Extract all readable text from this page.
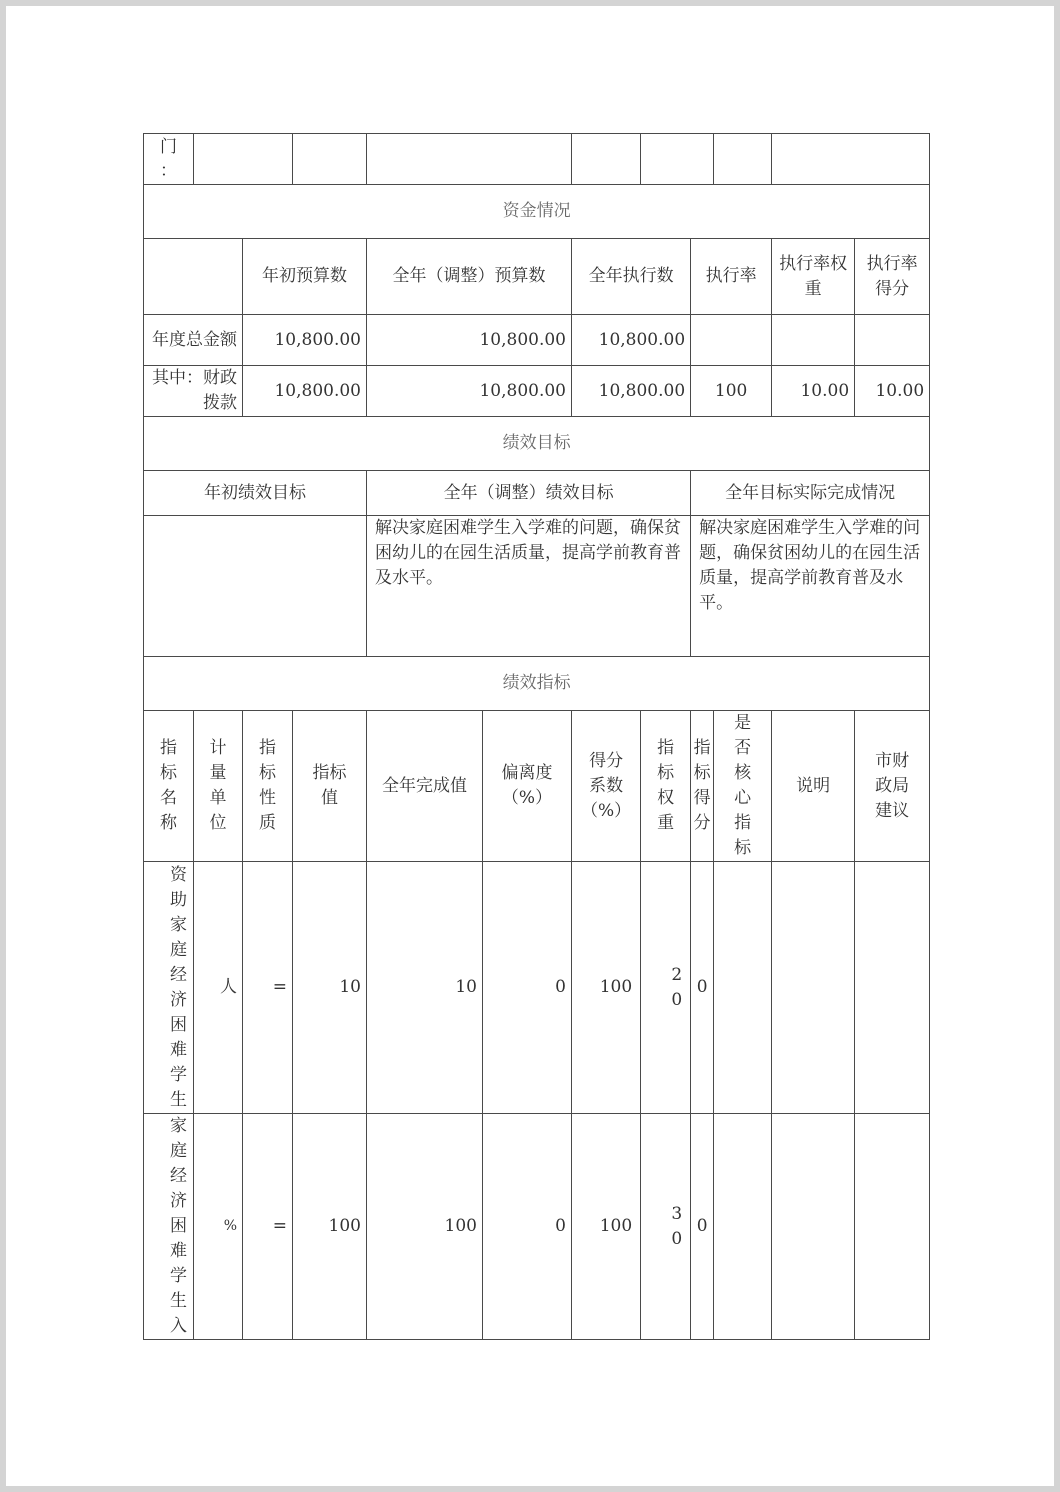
门
：											
资金情况											
		年初预算数		全年（调整）预算数		全年执行数		执行率		执行率权重	执行率得分
年度总金额		10,800.00		10,800.00		10,800.00					
其中：财政拨款		10,800.00		10,800.00		10,800.00		100		10.00	10.00
绩效目标											
年初绩效目标				全年（调整）绩效目标				全年目标实际完成情况			
				解决家庭困难学生入学难的问题，确保贫困幼儿的在园生活质量，提高学前教育普及水平。				解决家庭困难学生入学难的问题，确保贫困幼儿的在园生活质量，提高学前教育普及水平。			
绩效指标											
指标名称	计量单位	指标性质	指标值	全年完成值	偏离度（%）	得分系数（%）	指标权重	指标得分	是否核心指标	说明	市财政局建议
资助家庭经济困难学生	人	=	10	10	0	100	20	0			
家庭经济困难学生入	%	=	100	100	0	100	30	0			
